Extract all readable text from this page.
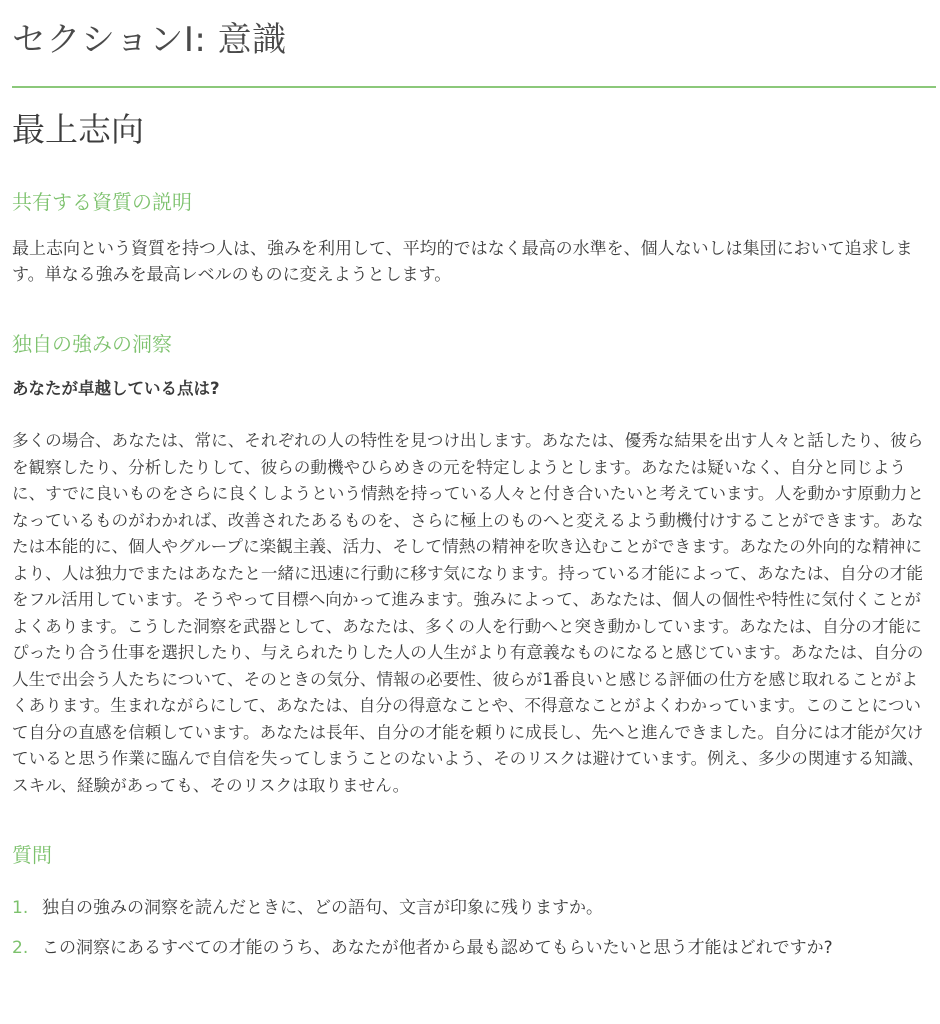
セクションI: 意識
最上志向
共有する資質の説明

最上志向という資質を持つ人は、強みを利用して、平均的ではなく最高の水準を、個人ないしは集団において追求します。単なる強みを最高レベルのものに変えようとします。

独自の強みの洞察

あなたが卓越している点は?

多くの場合、あなたは、常に、それぞれの人の特性を見つけ出します。あなたは、優秀な結果を出す人々と話したり、彼らを観察したり、分析したりして、彼らの動機やひらめきの元を特定しようとします。あなたは疑いなく、自分と同じように、すでに良いものをさらに良くしようという情熱を持っている人々と付き合いたいと考えています。人を動かす原動力となっているものがわかれば、改善されたあるものを、さらに極上のものへと変えるよう動機付けすることができます。あなたは本能的に、個人やグループに楽観主義、活力、そして情熱の精神を吹き込むことができます。あなたの外向的な精神により、人は独力でまたはあなたと一緒に迅速に行動に移す気になります。持っている才能によって、あなたは、自分の才能をフル活用しています。そうやって目標へ向かって進みます。強みによって、あなたは、個人の個性や特性に気付くことがよくあります。こうした洞察を武器として、あなたは、多くの人を行動へと突き動かしています。あなたは、自分の才能にぴったり合う仕事を選択したり、与えられたりした人の人生がより有意義なものになると感じています。あなたは、自分の人生で出会う人たちについて、そのときの気分、情報の必要性、彼らが1番良いと感じる評価の仕方を感じ取れることがよくあります。生まれながらにして、あなたは、自分の得意なことや、不得意なことがよくわかっています。このことについて自分の直感を信頼しています。あなたは長年、自分の才能を頼りに成長し、先へと進んできました。自分には才能が欠けていると思う作業に臨んで自信を失ってしまうことのないよう、そのリスクは避けています。例え、多少の関連する知識、スキル、経験があっても、そのリスクは取りません。

質問
1. 独自の強みの洞察を読んだときに、どの語句、文言が印象に残りますか。
2. この洞察にあるすべての才能のうち、あなたが他者から最も認めてもらいたいと思う才能はどれですか?
